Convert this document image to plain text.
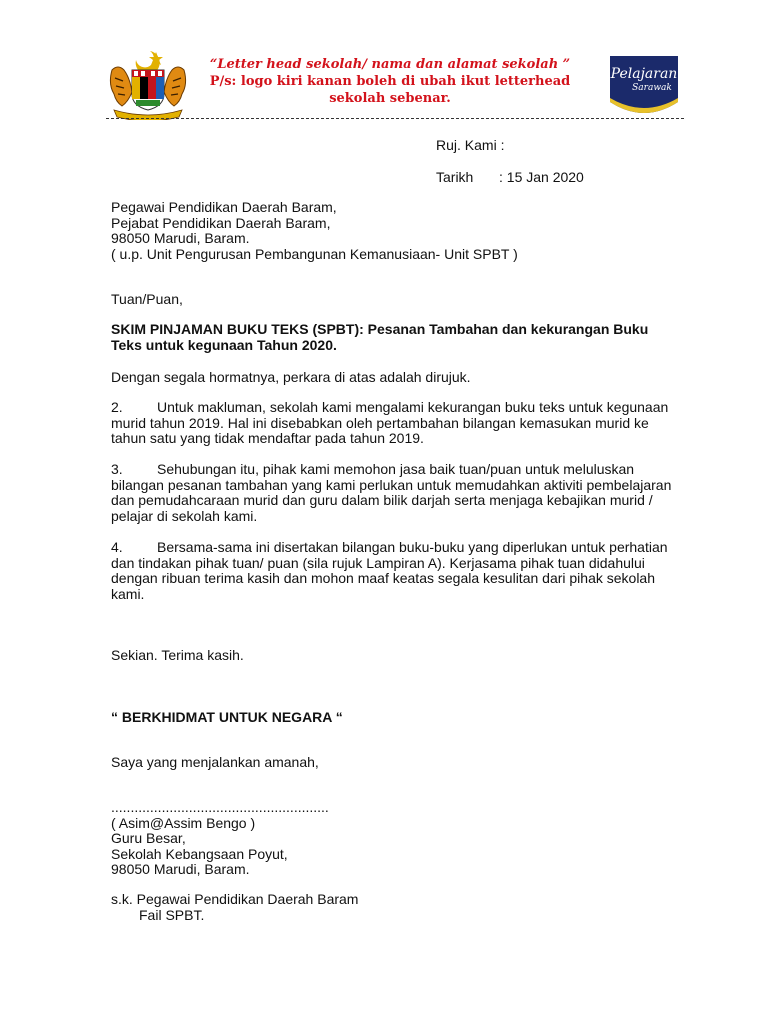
“Letter head sekolah/ nama dan alamat sekolah ”
P/s: logo kiri kanan boleh di ubah ikut letterhead
sekolah sebenar.
Pelajaran
Sarawak
Ruj. Kami :
Tarikh : 15 Jan 2020
Pegawai Pendidikan Daerah Baram,
Pejabat Pendidikan Daerah Baram,
98050 Marudi, Baram.
( u.p. Unit Pengurusan Pembangunan Kemanusiaan- Unit SPBT )
Tuan/Puan,
SKIM PINJAMAN BUKU TEKS (SPBT): Pesanan Tambahan dan kekurangan Buku
Teks untuk kegunaan Tahun 2020.
Dengan segala hormatnya, perkara di atas adalah dirujuk.
2. Untuk makluman, sekolah kami mengalami kekurangan buku teks untuk kegunaan
murid tahun 2019. Hal ini disebabkan oleh pertambahan bilangan kemasukan murid ke
tahun satu yang tidak mendaftar pada tahun 2019.
3. Sehubungan itu, pihak kami memohon jasa baik tuan/puan untuk meluluskan
bilangan pesanan tambahan yang kami perlukan untuk memudahkan aktiviti pembelajaran
dan pemudahcaraan murid dan guru dalam bilik darjah serta menjaga kebajikan murid /
pelajar di sekolah kami.
4. Bersama-sama ini disertakan bilangan buku-buku yang diperlukan untuk perhatian
dan tindakan pihak tuan/ puan (sila rujuk Lampiran A). Kerjasama pihak tuan didahului
dengan ribuan terima kasih dan mohon maaf keatas segala kesulitan dari pihak sekolah
kami.
Sekian. Terima kasih.
“ BERKHIDMAT UNTUK NEGARA “
Saya yang menjalankan amanah,
........................................................
( Asim@Assim Bengo )
Guru Besar,
Sekolah Kebangsaan Poyut,
98050 Marudi, Baram.
s.k. Pegawai Pendidikan Daerah Baram
Fail SPBT.
